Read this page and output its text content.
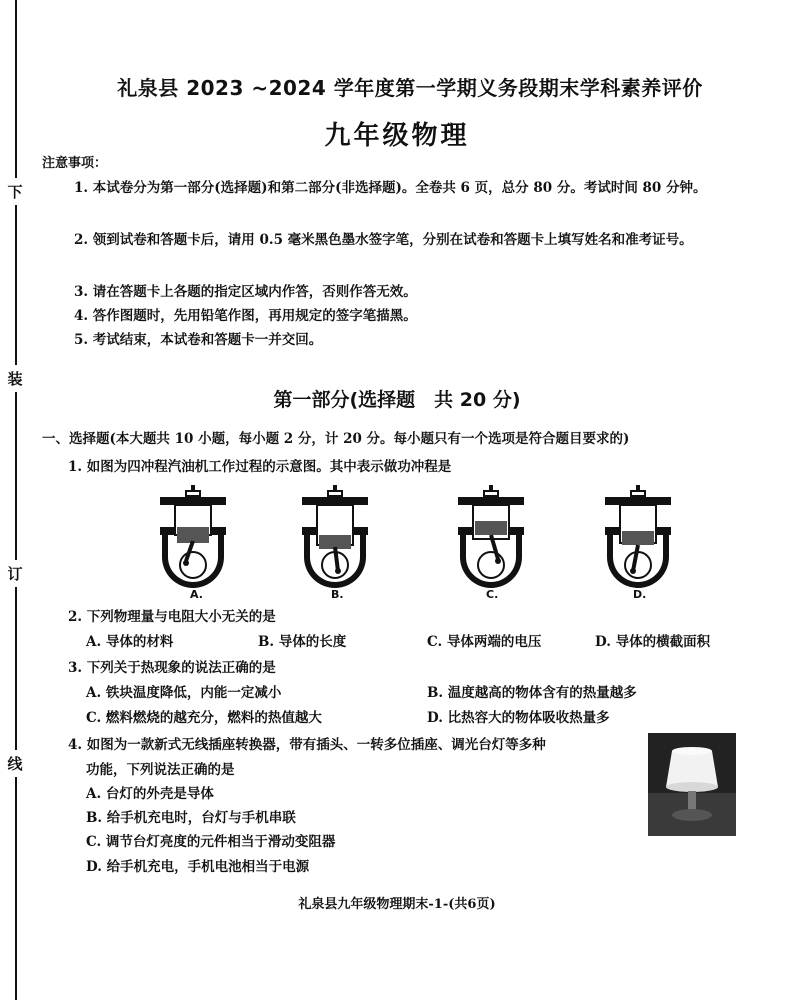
下
装
订
线
礼泉县 2023 ~2024 学年度第一学期义务段期末学科素养评价
九年级物理
注意事项：
1. 本试卷分为第一部分(选择题)和第二部分(非选择题)。全卷共 6 页，总分 80 分。考试时间 80 分钟。
2. 领到试卷和答题卡后，请用 0.5 毫米黑色墨水签字笔，分别在试卷和答题卡上填写姓名和准考证号。
3. 请在答题卡上各题的指定区域内作答，否则作答无效。
4. 答作图题时，先用铅笔作图，再用规定的签字笔描黑。
5. 考试结束，本试卷和答题卡一并交回。
第一部分(选择题　共 20 分)
一、选择题(本大题共 10 小题，每小题 2 分，计 20 分。每小题只有一个选项是符合题目要求的)
1. 如图为四冲程汽油机工作过程的示意图。其中表示做功冲程是
A.	B.	C.	D.
2. 下列物理量与电阻大小无关的是
A. 导体的材料	B. 导体的长度	C. 导体两端的电压	D. 导体的横截面积
3. 下列关于热现象的说法正确的是
A. 铁块温度降低，内能一定减小	B. 温度越高的物体含有的热量越多
C. 燃料燃烧的越充分，燃料的热值越大	D. 比热容大的物体吸收热量多
4. 如图为一款新式无线插座转换器，带有插头、一转多位插座、调光台灯等多种
功能，下列说法正确的是
A. 台灯的外壳是导体
B. 给手机充电时，台灯与手机串联
C. 调节台灯亮度的元件相当于滑动变阻器
D. 给手机充电，手机电池相当于电源
礼泉县九年级物理期末-1-(共6页)
